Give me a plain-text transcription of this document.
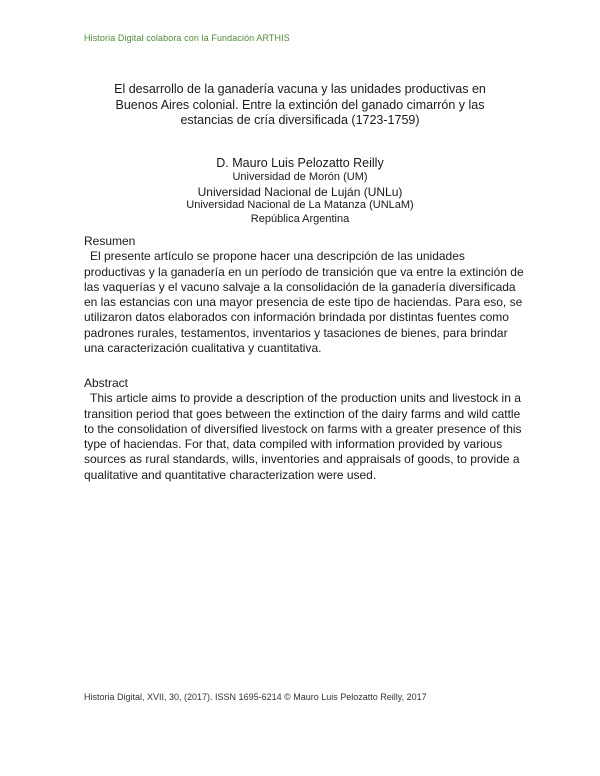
Historia Digital colabora con la Fundación ARTHIS
El desarrollo de la ganadería vacuna y las unidades productivas en Buenos Aires colonial. Entre la extinción del ganado cimarrón y las estancias de cría diversificada (1723-1759)
D. Mauro Luis Pelozatto Reilly
Universidad de Morón (UM)
Universidad Nacional de Luján (UNLu)
Universidad Nacional de La Matanza (UNLaM)
República Argentina
Resumen
El presente artículo se propone hacer una descripción de las unidades productivas y la ganadería en un período de transición que va entre la extinción de las vaquerías y el vacuno salvaje a la consolidación de la ganadería diversificada en las estancias con una mayor presencia de este tipo de haciendas. Para eso, se utilizaron datos elaborados con información brindada por distintas fuentes como padrones rurales, testamentos, inventarios y tasaciones de bienes, para brindar una caracterización cualitativa y cuantitativa.
Abstract
This article aims to provide a description of the production units and livestock in a transition period that goes between the extinction of the dairy farms and wild cattle to the consolidation of diversified livestock on farms with a greater presence of this type of haciendas. For that, data compiled with information provided by various sources as rural standards, wills, inventories and appraisals of goods, to provide a qualitative and quantitative characterization were used.
Historia Digital, XVII, 30, (2017). ISSN 1695-6214 © Mauro Luis Pelozatto Reilly, 2017
